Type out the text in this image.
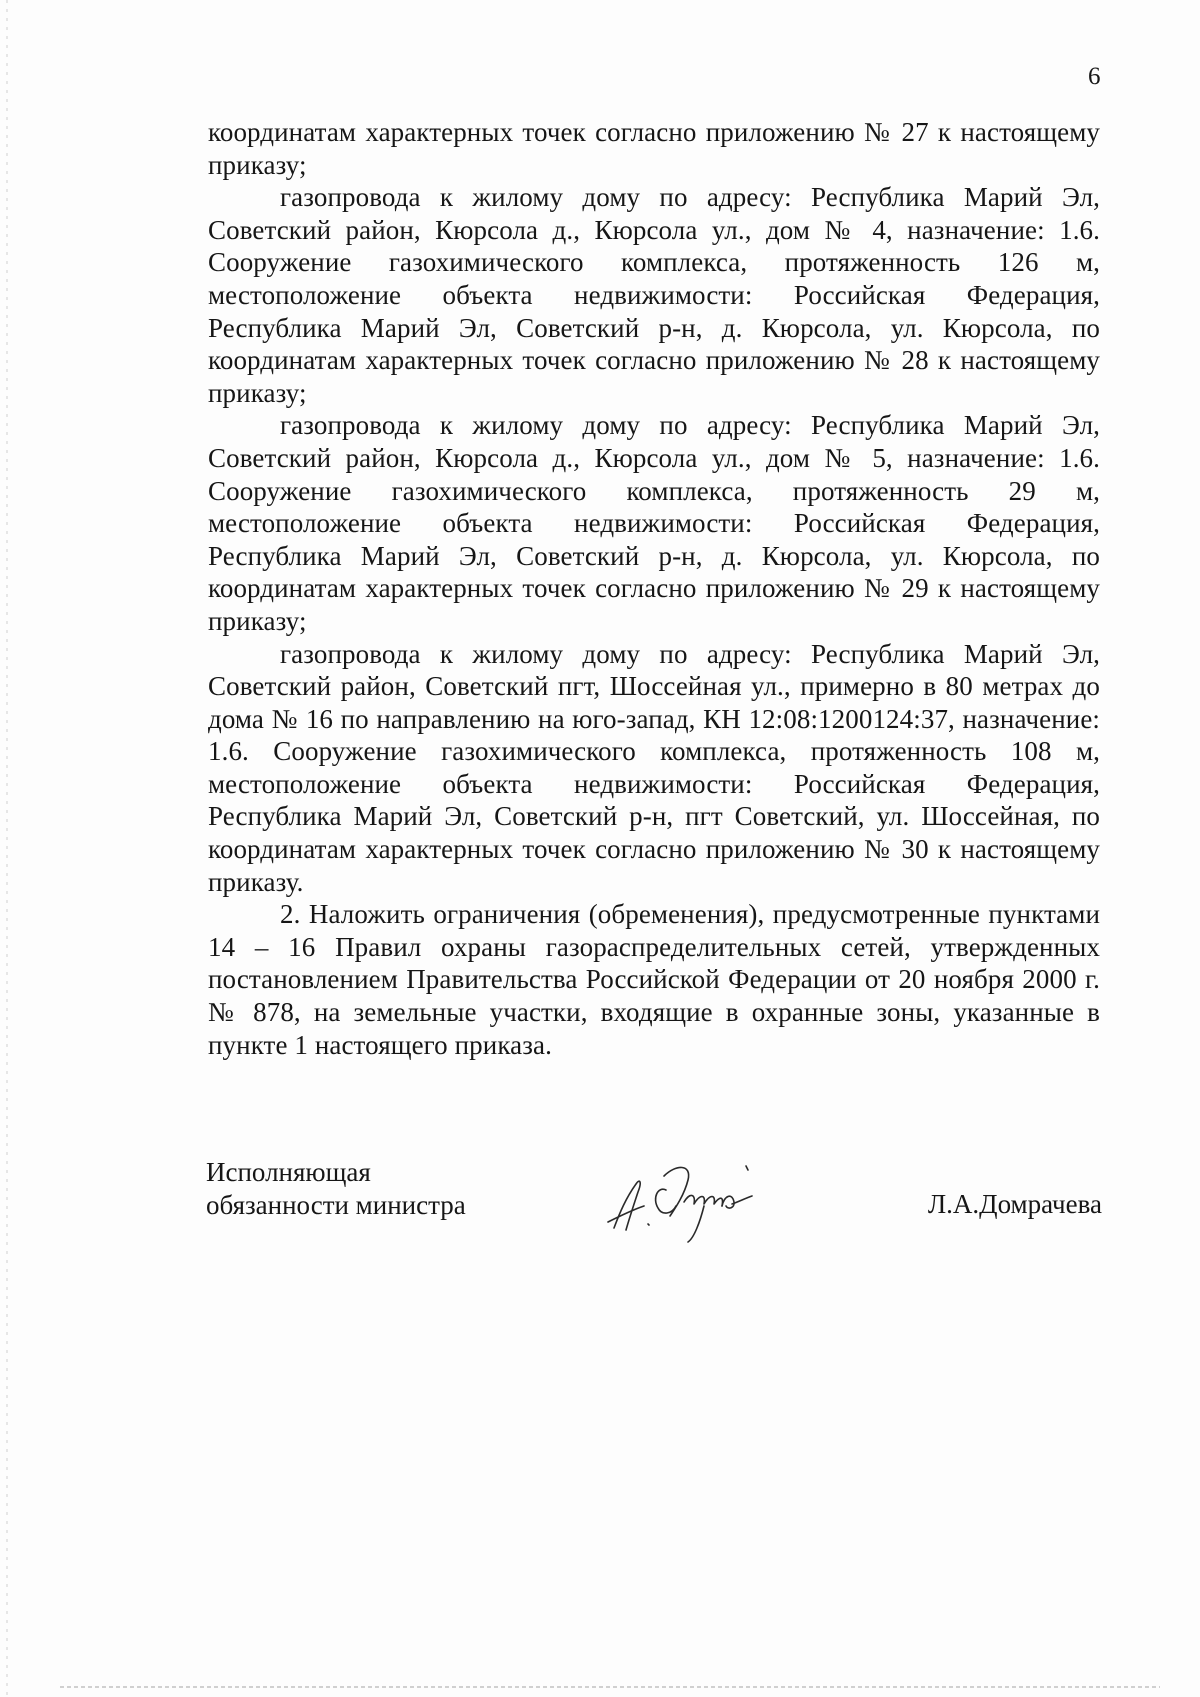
6

координатам характерных точек согласно приложению № 27 к настоящему приказу;

газопровода к жилому дому по адресу: Республика Марий Эл, Советский район, Кюрсола д., Кюрсола ул., дом № 4, назначение: 1.6. Сооружение газохимического комплекса, протяженность 126 м, местоположение объекта недвижимости: Российская Федерация, Республика Марий Эл, Советский р-н, д. Кюрсола, ул. Кюрсола, по координатам характерных точек согласно приложению № 28 к настоящему приказу;

газопровода к жилому дому по адресу: Республика Марий Эл, Советский район, Кюрсола д., Кюрсола ул., дом № 5, назначение: 1.6. Сооружение газохимического комплекса, протяженность 29 м, местоположение объекта недвижимости: Российская Федерация, Республика Марий Эл, Советский р-н, д. Кюрсола, ул. Кюрсола, по координатам характерных точек согласно приложению № 29 к настоящему приказу;

газопровода к жилому дому по адресу: Республика Марий Эл, Советский район, Советский пгт, Шоссейная ул., примерно в 80 метрах до дома № 16 по направлению на юго-запад, КН 12:08:1200124:37, назначение: 1.6. Сооружение газохимического комплекса, протяженность 108 м, местоположение объекта недвижимости: Российская Федерация, Республика Марий Эл, Советский р-н, пгт Советский, ул. Шоссейная, по координатам характерных точек согласно приложению № 30 к настоящему приказу.

2. Наложить ограничения (обременения), предусмотренные пунктами 14 – 16 Правил охраны газораспределительных сетей, утвержденных постановлением Правительства Российской Федерации от 20 ноября 2000 г. № 878, на земельные участки, входящие в охранные зоны, указанные в пункте 1 настоящего приказа.

Исполняющая
обязанности министра	Л.А.Домрачева
